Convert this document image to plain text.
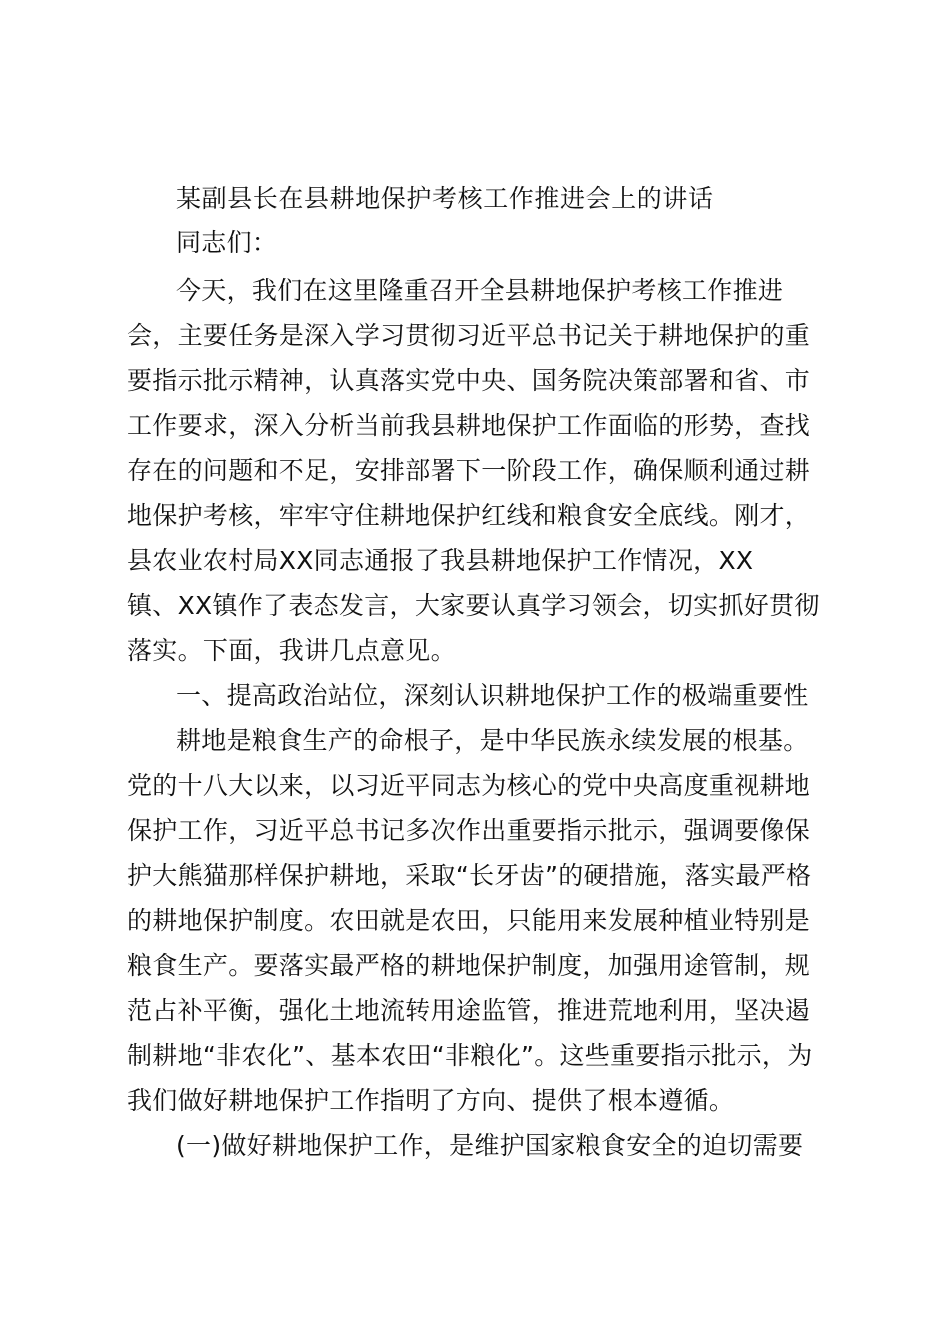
某副县长在县耕地保护考核工作推进会上的讲话
同志们：
今天，我们在这里隆重召开全县耕地保护考核工作推进
会，主要任务是深入学习贯彻习近平总书记关于耕地保护的重
要指示批示精神，认真落实党中央、国务院决策部署和省、市
工作要求，深入分析当前我县耕地保护工作面临的形势，查找
存在的问题和不足，安排部署下一阶段工作，确保顺利通过耕
地保护考核，牢牢守住耕地保护红线和粮食安全底线。刚才，
县农业农村局XX同志通报了我县耕地保护工作情况，XX
镇、XX镇作了表态发言，大家要认真学习领会，切实抓好贯彻
落实。下面，我讲几点意见。
一、提高政治站位，深刻认识耕地保护工作的极端重要性
耕地是粮食生产的命根子，是中华民族永续发展的根基。
党的十八大以来，以习近平同志为核心的党中央高度重视耕地
保护工作，习近平总书记多次作出重要指示批示，强调要像保
护大熊猫那样保护耕地，采取“长牙齿”的硬措施，落实最严格
的耕地保护制度。农田就是农田，只能用来发展种植业特别是
粮食生产。要落实最严格的耕地保护制度，加强用途管制，规
范占补平衡，强化土地流转用途监管，推进荒地利用，坚决遏
制耕地“非农化”、基本农田“非粮化”。这些重要指示批示，为
我们做好耕地保护工作指明了方向、提供了根本遵循。
(一)做好耕地保护工作，是维护国家粮食安全的迫切需要
